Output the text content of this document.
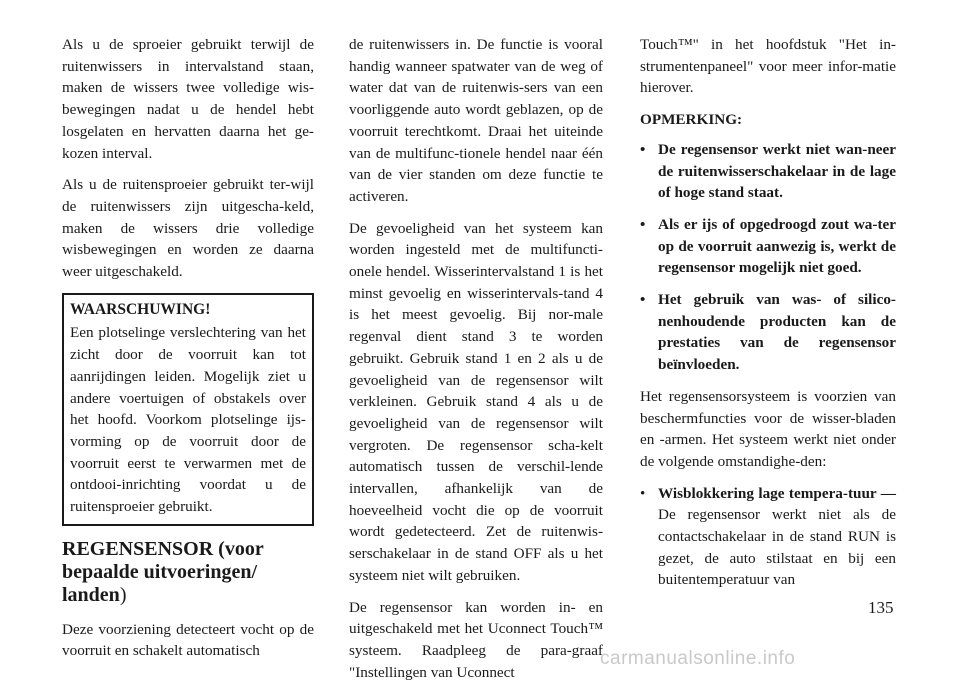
Als u de sproeier gebruikt terwijl de ruitenwissers in intervalstand staan, maken de wissers twee volledige wis-bewegingen nadat u de hendel hebt losgelaten en hervatten daarna het ge-kozen interval.

Als u de ruitensproeier gebruikt ter-wijl de ruitenwissers zijn uitgescha-keld, maken de wissers drie volledige wisbewegingen en worden ze daarna weer uitgeschakeld.

WAARSCHUWING!

Een plotselinge verslechtering van het zicht door de voorruit kan tot aanrijdingen leiden. Mogelijk ziet u andere voertuigen of obstakels over het hoofd. Voorkom plotselinge ijs-vorming op de voorruit door de voorruit eerst te verwarmen met de ontdooi-inrichting voordat u de ruitensproeier gebruikt.

REGENSENSOR (voor bepaalde uitvoeringen/ landen)

Deze voorziening detecteert vocht op de voorruit en schakelt automatisch

de ruitenwissers in. De functie is vooral handig wanneer spatwater van de weg of water dat van de ruitenwis-sers van een voorliggende auto wordt geblazen, op de voorruit terechtkomt. Draai het uiteinde van de multifunc-tionele hendel naar één van de vier standen om deze functie te activeren.

De gevoeligheid van het systeem kan worden ingesteld met de multifuncti-onele hendel. Wisserintervalstand 1 is het minst gevoelig en wisserintervals-tand 4 is het meest gevoelig. Bij nor-male regenval dient stand 3 te worden gebruikt. Gebruik stand 1 en 2 als u de gevoeligheid van de regensensor wilt verkleinen. Gebruik stand 4 als u de gevoeligheid van de regensensor wilt vergroten. De regensensor scha-kelt automatisch tussen de verschil-lende intervallen, afhankelijk van de hoeveelheid vocht die op de voorruit wordt gedetecteerd. Zet de ruitenwis-serschakelaar in de stand OFF als u het systeem niet wilt gebruiken.

De regensensor kan worden in- en uitgeschakeld met het Uconnect Touch™ systeem. Raadpleeg de para-graaf "Instellingen van Uconnect

Touch™" in het hoofdstuk "Het in-strumentenpaneel" voor meer infor-matie hierover.

OPMERKING:
• De regensensor werkt niet wan-neer de ruitenwisserschakelaar in de lage of hoge stand staat.
• Als er ijs of opgedroogd zout wa-ter op de voorruit aanwezig is, werkt de regensensor mogelijk niet goed.
• Het gebruik van was- of silico-nenhoudende producten kan de prestaties van de regensensor beïnvloeden.

Het regensensorsysteem is voorzien van beschermfuncties voor de wisser-bladen en -armen. Het systeem werkt niet onder de volgende omstandighe-den:

• Wisblokkering lage tempera-tuur — De regensensor werkt niet als de contactschakelaar in de stand RUN is gezet, de auto stilstaat en bij een buitentemperatuur van
135
carmanualsonline.info
